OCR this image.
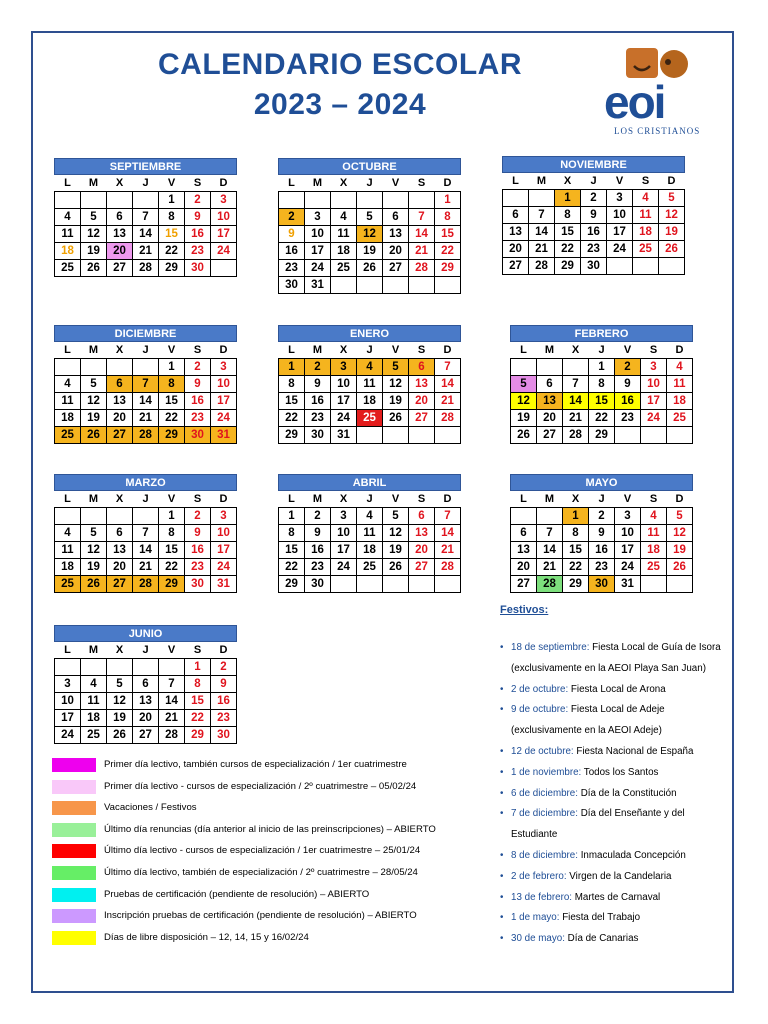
CALENDARIO ESCOLAR
2023 – 2024	eoi
LOS CRISTIANOS
SEPTIEMBRE
L	M	X	J	V	S	D
				1	2	3
4	5	6	7	8	9	10
11	12	13	14	15	16	17
18	19	20	21	22	23	24
25	26	27	28	29	30	
OCTUBRE
L	M	X	J	V	S	D
						1
2	3	4	5	6	7	8
9	10	11	12	13	14	15
16	17	18	19	20	21	22
23	24	25	26	27	28	29
30	31					
NOVIEMBRE
L	M	X	J	V	S	D
		1	2	3	4	5
6	7	8	9	10	11	12
13	14	15	16	17	18	19
20	21	22	23	24	25	26
27	28	29	30			
DICIEMBRE
L	M	X	J	V	S	D
				1	2	3
4	5	6	7	8	9	10
11	12	13	14	15	16	17
18	19	20	21	22	23	24
25	26	27	28	29	30	31
ENERO
L	M	X	J	V	S	D
1	2	3	4	5	6	7
8	9	10	11	12	13	14
15	16	17	18	19	20	21
22	23	24	25	26	27	28
29	30	31				
FEBRERO
L	M	X	J	V	S	D
			1	2	3	4
5	6	7	8	9	10	11
12	13	14	15	16	17	18
19	20	21	22	23	24	25
26	27	28	29			
MARZO
L	M	X	J	V	S	D
				1	2	3
4	5	6	7	8	9	10
11	12	13	14	15	16	17
18	19	20	21	22	23	24
25	26	27	28	29	30	31
ABRIL
L	M	X	J	V	S	D
1	2	3	4	5	6	7
8	9	10	11	12	13	14
15	16	17	18	19	20	21
22	23	24	25	26	27	28
29	30					
MAYO
L	M	X	J	V	S	D
		1	2	3	4	5
6	7	8	9	10	11	12
13	14	15	16	17	18	19
20	21	22	23	24	25	26
27	28	29	30	31		
JUNIO
L	M	X	J	V	S	D
					1	2
3	4	5	6	7	8	9
10	11	12	13	14	15	16
17	18	19	20	21	22	23
24	25	26	27	28	29	30
Primer día lectivo, también cursos de especialización / 1er cuatrimestre
Primer día lectivo - cursos de especialización / 2º cuatrimestre – 05/02/24
Vacaciones / Festivos
Último día renuncias (día anterior al inicio de las preinscripciones) – ABIERTO
Último día lectivo - cursos de especialización / 1er cuatrimestre – 25/01/24
Último día lectivo, también de especialización / 2º cuatrimestre – 28/05/24
Pruebas de certificación (pendiente de resolución) – ABIERTO
Inscripción pruebas de certificación (pendiente de resolución) – ABIERTO
Días de libre disposición – 12, 14, 15 y 16/02/24
Festivos:
• 18 de septiembre: Fiesta Local de Guía de Isora (exclusivamente en la AEOI Playa San Juan)
• 2 de octubre: Fiesta Local de Arona
• 9 de octubre: Fiesta Local de Adeje (exclusivamente en la AEOI Adeje)
• 12 de octubre: Fiesta Nacional de España
• 1 de noviembre: Todos los Santos
• 6 de diciembre: Día de la Constitución
• 7 de diciembre: Día del Enseñante y del Estudiante
• 8 de diciembre: Inmaculada Concepción
• 2 de febrero: Virgen de la Candelaria
• 13 de febrero: Martes de Carnaval
• 1 de mayo: Fiesta del Trabajo
• 30 de mayo: Día de Canarias
